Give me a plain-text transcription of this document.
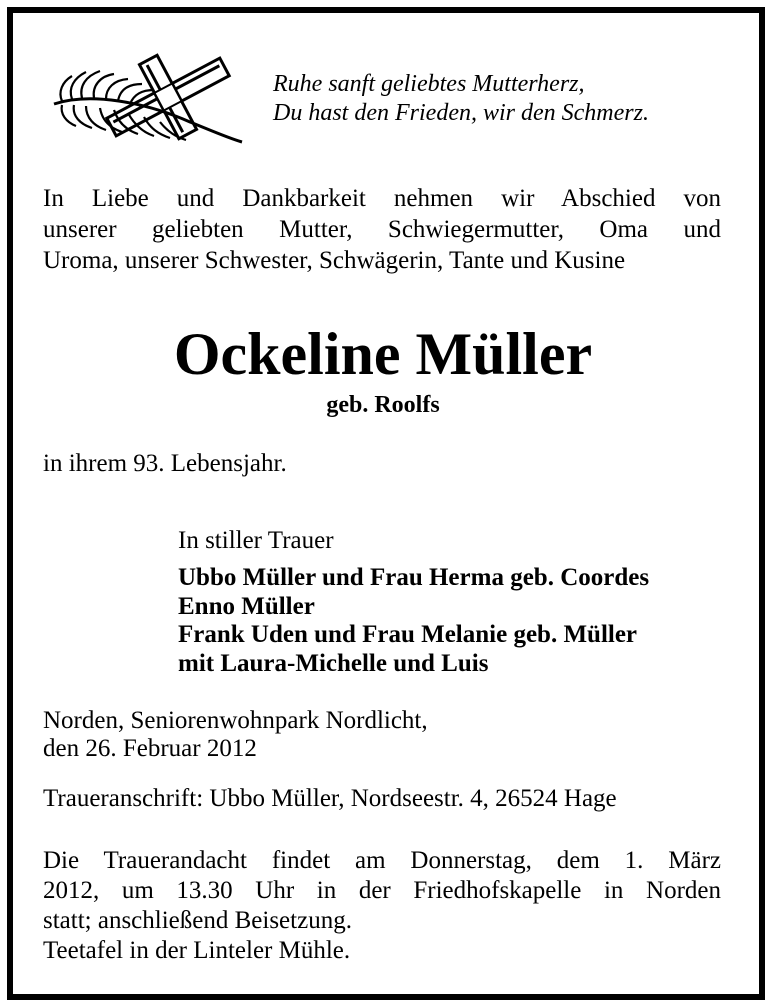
Ruhe sanft geliebtes Mutterherz,
Du hast den Frieden, wir den Schmerz.
In Liebe und Dankbarkeit nehmen wir Abschied von
unserer geliebten Mutter, Schwiegermutter, Oma und
Uroma, unserer Schwester, Schwägerin, Tante und Kusine
Ockeline Müller
geb. Roolfs
in ihrem 93. Lebensjahr.
In stiller Trauer
Ubbo Müller und Frau Herma geb. Coordes
Enno Müller
Frank Uden und Frau Melanie geb. Müller
mit Laura-Michelle und Luis
Norden, Seniorenwohnpark Nordlicht,
den 26. Februar 2012
Traueranschrift: Ubbo Müller, Nordseestr. 4, 26524 Hage
Die Trauerandacht findet am Donnerstag, dem 1. März
2012, um 13.30 Uhr in der Friedhofskapelle in Norden
statt; anschließend Beisetzung.
Teetafel in der Linteler Mühle.
